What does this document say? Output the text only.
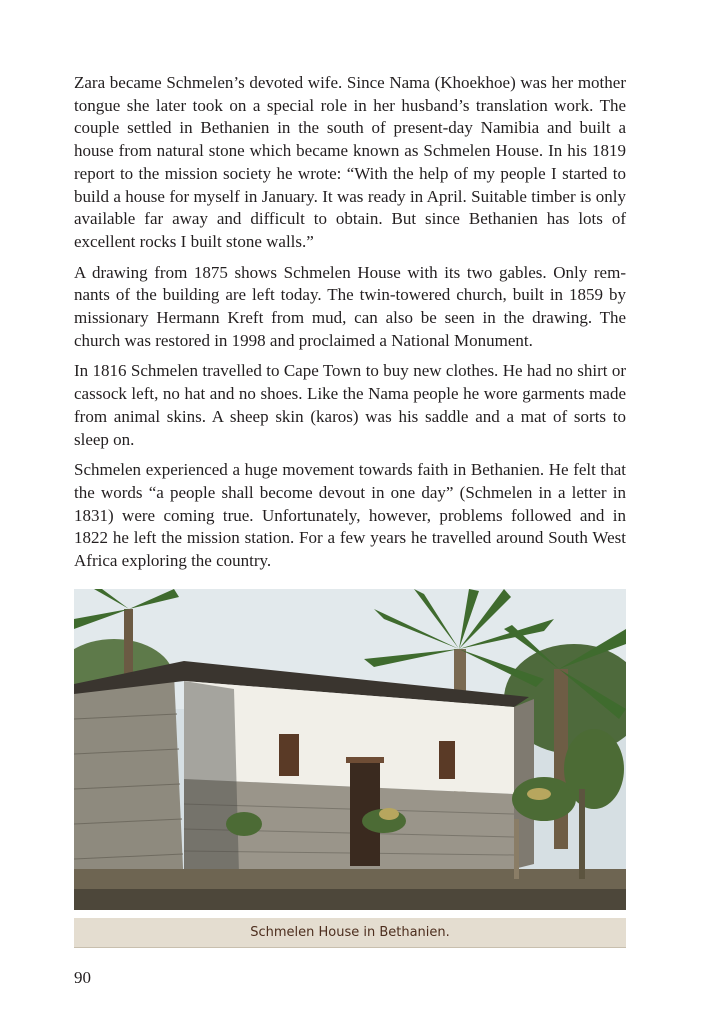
Zara became Schmelen’s devoted wife. Since Nama (Khoekhoe) was her mother tongue she later took on a special role in her husband’s translation work. The couple settled in Bethanien in the south of present-day Namibia and built a house from natural stone which became known as Schmelen House. In his 1819 report to the mission society he wrote: “With the help of my people I started to build a house for myself in January. It was ready in April. Suitable timber is only available far away and difficult to obtain. But since Bethanien has lots of excellent rocks I built stone walls.”

A drawing from 1875 shows Schmelen House with its two gables. Only remnants of the building are left today. The twin-towered church, built in 1859 by missionary Hermann Kreft from mud, can also be seen in the drawing. The church was restored in 1998 and proclaimed a National Monument.

In 1816 Schmelen travelled to Cape Town to buy new clothes. He had no shirt or cassock left, no hat and no shoes. Like the Nama people he wore garments made from animal skins. A sheep skin (karos) was his saddle and a mat of sorts to sleep on.

Schmelen experienced a huge movement towards faith in Bethanien. He felt that the words “a people shall become devout in one day” (Schmelen in a letter in 1831) were coming true. Unfortunately, however, problems followed and in 1822 he left the mission station. For a few years he travelled around South West Africa exploring the country.

Schmelen House in Bethanien.
90
